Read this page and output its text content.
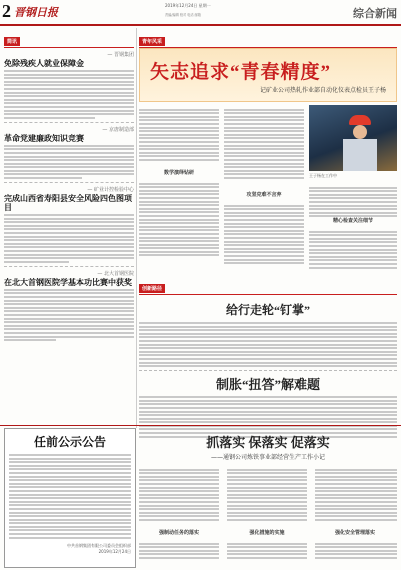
2 晋钢日报
2019年12月24日 星期一
责编/编辑 校对 电话 邮箱	综合新闻
简讯
— 晋钢集团
免除残疾人就业保障金
— 京唐制造部
革命党建廉政知识竞赛
— 矿业计控检验中心
完成山西省寿阳县安全风险四色图项目
— 北大首钢医院
在北大首钢医院学基本功比赛中获奖
青年风采
矢志追求“青春精度”
记矿业公司热轧作业部自动化仪表点检员王子杨
数学演绎钻研
攻坚克难不言弃
王子杨在工作中
精心检查关注细节
创新路径
给行走轮“钉掌”
制胀“扭答”解难题
任前公示公告
中共首钢集团有限公司委员会组织部
2019年12月24日
抓落实 保落实 促落实
——通钢公司炼铁事业部经营生产工作小记
强制动任务的落实	强化措施的实施	强化安全管理落实
